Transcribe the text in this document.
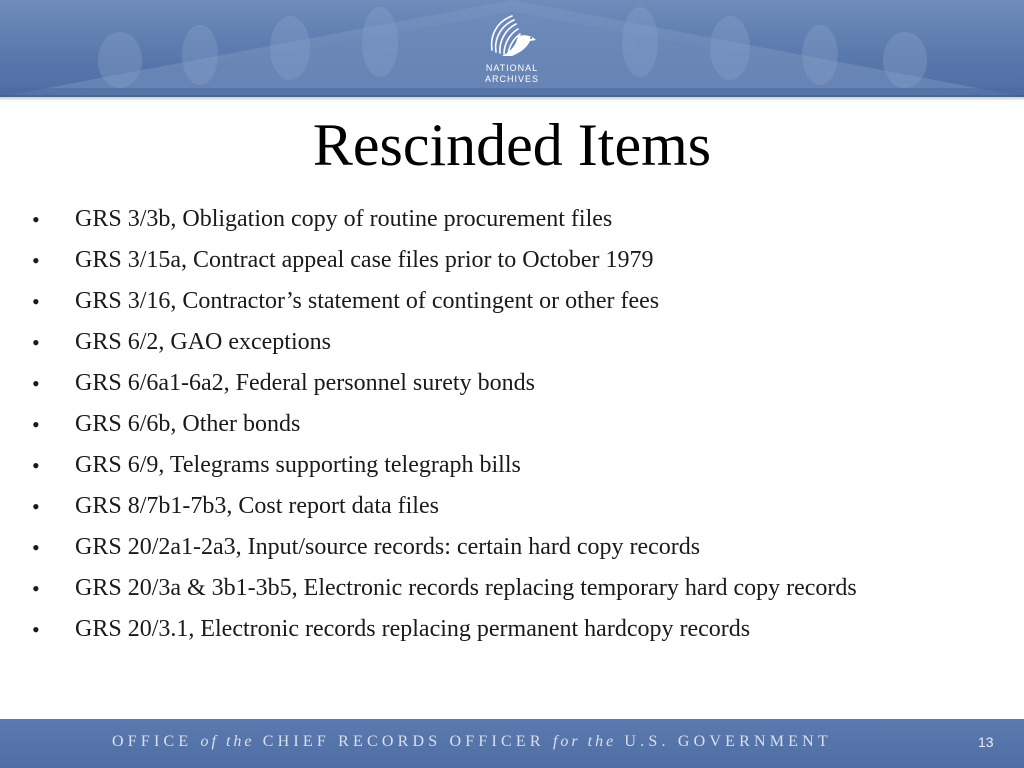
NATIONAL
ARCHIVES
Rescinded Items
• GRS 3/3b, Obligation copy of routine procurement files
• GRS 3/15a, Contract appeal case files prior to October 1979
• GRS 3/16, Contractor’s statement of contingent or other fees
• GRS 6/2, GAO exceptions
• GRS 6/6a1-6a2, Federal personnel surety bonds
• GRS 6/6b, Other bonds
• GRS 6/9, Telegrams supporting telegraph bills
• GRS 8/7b1-7b3, Cost report data files
• GRS 20/2a1-2a3, Input/source records: certain hard copy records
• GRS 20/3a & 3b1-3b5, Electronic records replacing temporary hard copy records
• GRS 20/3.1, Electronic records replacing permanent hardcopy records
OFFICE of the CHIEF RECORDS OFFICER for the U.S. GOVERNMENT	13
